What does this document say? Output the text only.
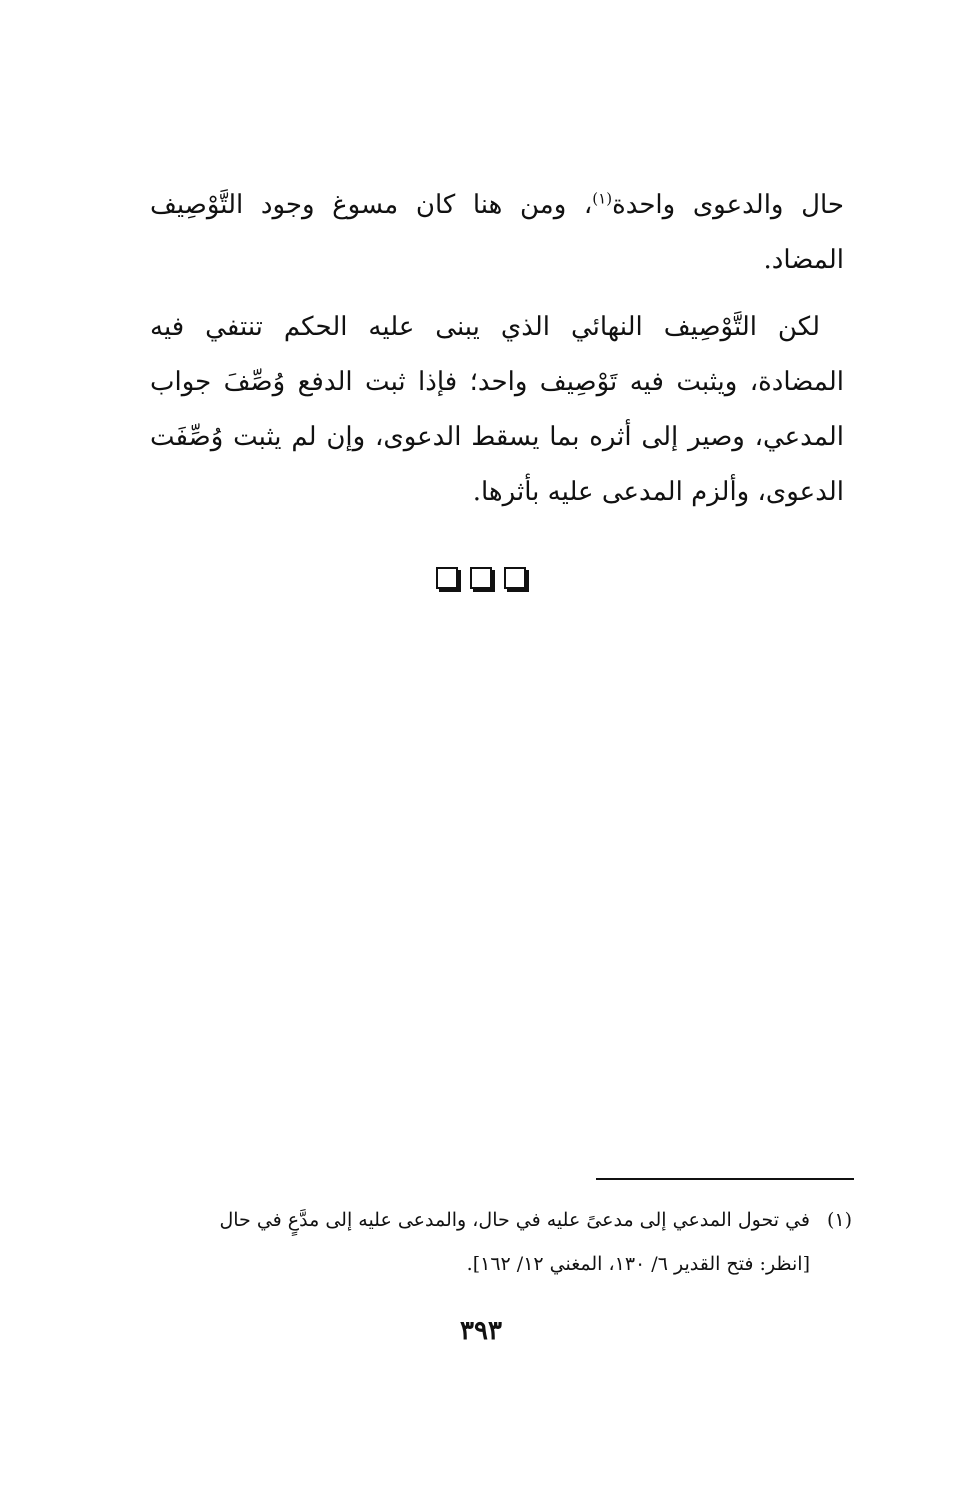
حال والدعوى واحدة$^{(١)}$، ومن هنا كان مسوغ وجود التَّوْصِيف المضاد.

لكن التَّوْصِيف النهائي الذي يبنى عليه الحكم تنتفي فيه المضادة، ويثبت فيه تَوْصِيف واحد؛ فإذا ثبت الدفع وُصِّفَ جواب المدعي، وصير إلى أثره بما يسقط الدعوى، وإن لم يثبت وُصِّفَت الدعوى، وألزم المدعى عليه بأثرها.

(١)في تحول المدعي إلى مدعىً عليه في حال، والمدعى عليه إلى مدَّعٍ في حال
[انظر: فتح القدير ٦/ ١٣٠، المغني ١٢/ ١٦٢].
٣٩٣
